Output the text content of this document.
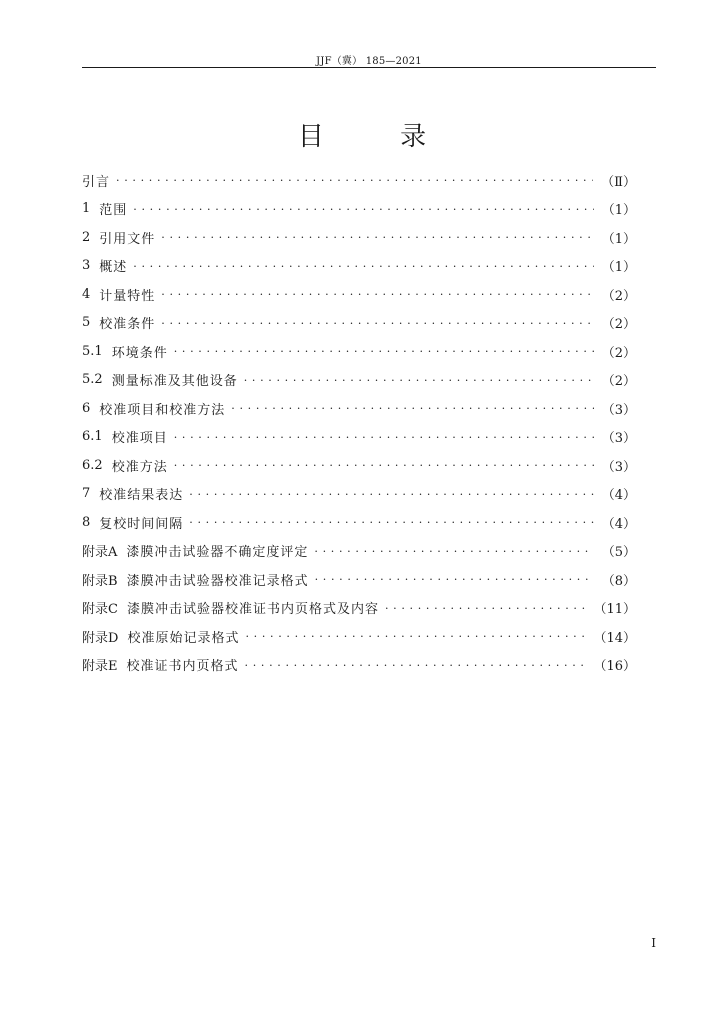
JJF（冀） 185—2021
目 录
引言 . . .	（Ⅱ）
1 范围 . . .	（1）
2 引用文件 . . .	（1）
3 概述 . . .	（1）
4 计量特性 . . .	（2）
5 校准条件 . . .	（2）
5.1 环境条件 . . .	（2）
5.2 测量标准及其他设备 . . .	（2）
6 校准项目和校准方法 . . .	（3）
6.1 校准项目 . . .	（3）
6.2 校准方法 . . .	（3）
7 校准结果表达 . . .	（4）
8 复校时间间隔 . . .	（4）
附录A 漆膜冲击试验器不确定度评定 . . .	（5）
附录B 漆膜冲击试验器校准记录格式 . . .	（8）
附录C 漆膜冲击试验器校准证书内页格式及内容 . . .	（11）
附录D 校准原始记录格式 . . .	（14）
附录E 校准证书内页格式 . . .	（16）
I
